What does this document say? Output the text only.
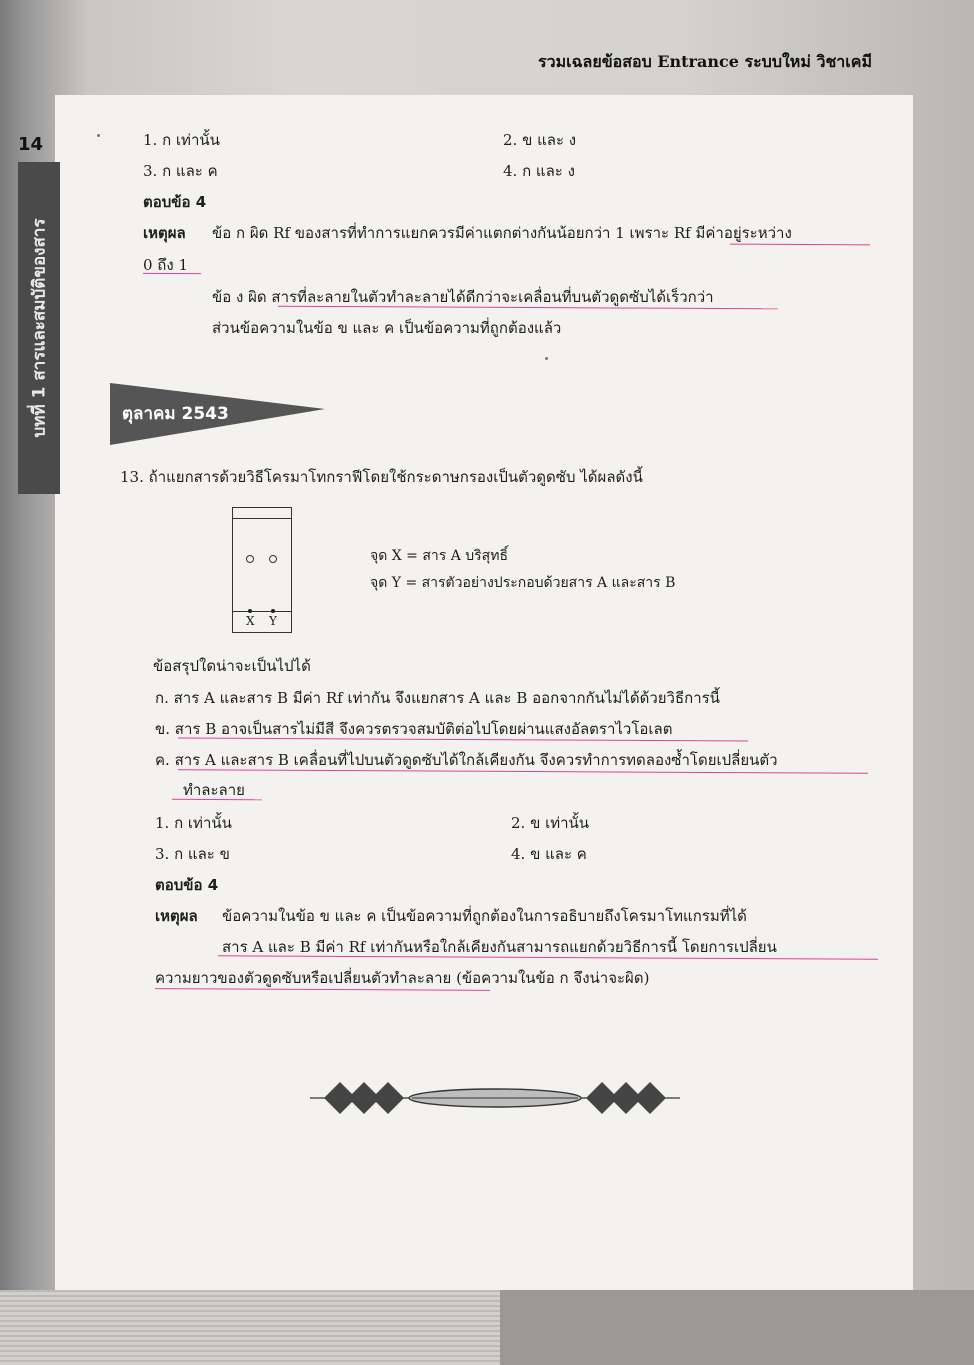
รวมเฉลยข้อสอบ Entrance ระบบใหม่ วิชาเคมี
14
บทที่ 1 สารและสมบัติของสาร
1. ก เท่านั้น	2. ข และ ง
3. ก และ ค	4. ก และ ง
ตอบข้อ 4
เหตุผล ข้อ ก ผิด Rf ของสารที่ทำการแยกควรมีค่าแตกต่างกันน้อยกว่า 1 เพราะ Rf มีค่าอยู่ระหว่าง
0 ถึง 1
ข้อ ง ผิด สารที่ละลายในตัวทำละลายได้ดีกว่าจะเคลื่อนที่บนตัวดูดซับได้เร็วกว่า
ส่วนข้อความในข้อ ข และ ค เป็นข้อความที่ถูกต้องแล้ว
ตุลาคม 2543
13. ถ้าแยกสารด้วยวิธีโครมาโทกราฟีโดยใช้กระดาษกรองเป็นตัวดูดซับ ได้ผลดังนี้
X Y
จุด X = สาร A บริสุทธิ์
จุด Y = สารตัวอย่างประกอบด้วยสาร A และสาร B
ข้อสรุปใดน่าจะเป็นไปได้
ก. สาร A และสาร B มีค่า Rf เท่ากัน จึงแยกสาร A และ B ออกจากกันไม่ได้ด้วยวิธีการนี้
ข. สาร B อาจเป็นสารไม่มีสี จึงควรตรวจสมบัติต่อไปโดยผ่านแสงอัลตราไวโอเลต
ค. สาร A และสาร B เคลื่อนที่ไปบนตัวดูดซับได้ใกล้เคียงกัน จึงควรทำการทดลองซ้ำโดยเปลี่ยนตัว
ทำละลาย
1. ก เท่านั้น	2. ข เท่านั้น
3. ก และ ข	4. ข และ ค
ตอบข้อ 4
เหตุผล ข้อความในข้อ ข และ ค เป็นข้อความที่ถูกต้องในการอธิบายถึงโครมาโทแกรมที่ได้
สาร A และ B มีค่า Rf เท่ากันหรือใกล้เคียงกันสามารถแยกด้วยวิธีการนี้ โดยการเปลี่ยน
ความยาวของตัวดูดซับหรือเปลี่ยนตัวทำละลาย (ข้อความในข้อ ก จึงน่าจะผิด)
